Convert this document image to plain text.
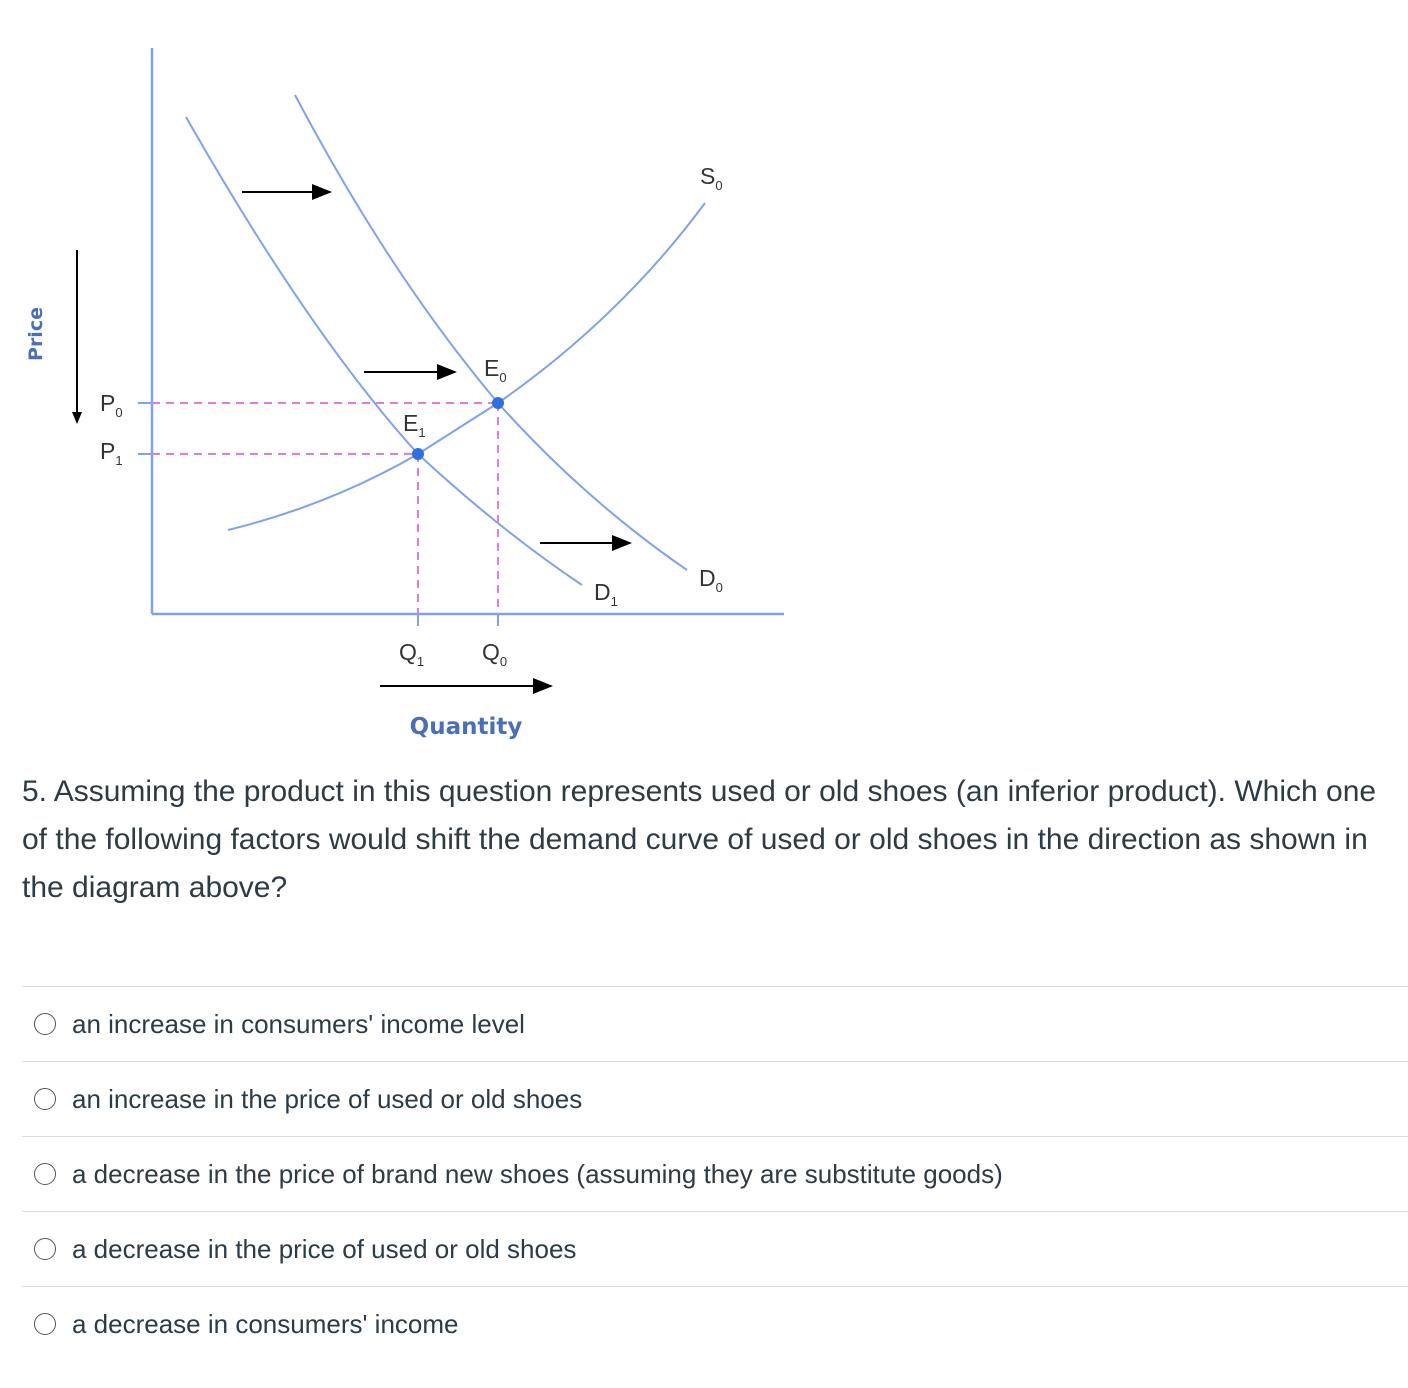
$S_0$
$E_0$
$E_1$
$P_0$
$P_1$
$D_1$
$D_0$
$Q_1$	$Q_0$
Price
Quantity

5. Assuming the product in this question represents used or old shoes (an inferior product). Which one of the following factors would shift the demand curve of used or old shoes in the direction as shown in the diagram above?

an increase in consumers' income level
an increase in the price of used or old shoes
a decrease in the price of brand new shoes (assuming they are substitute goods)
a decrease in the price of used or old shoes
a decrease in consumers' income
